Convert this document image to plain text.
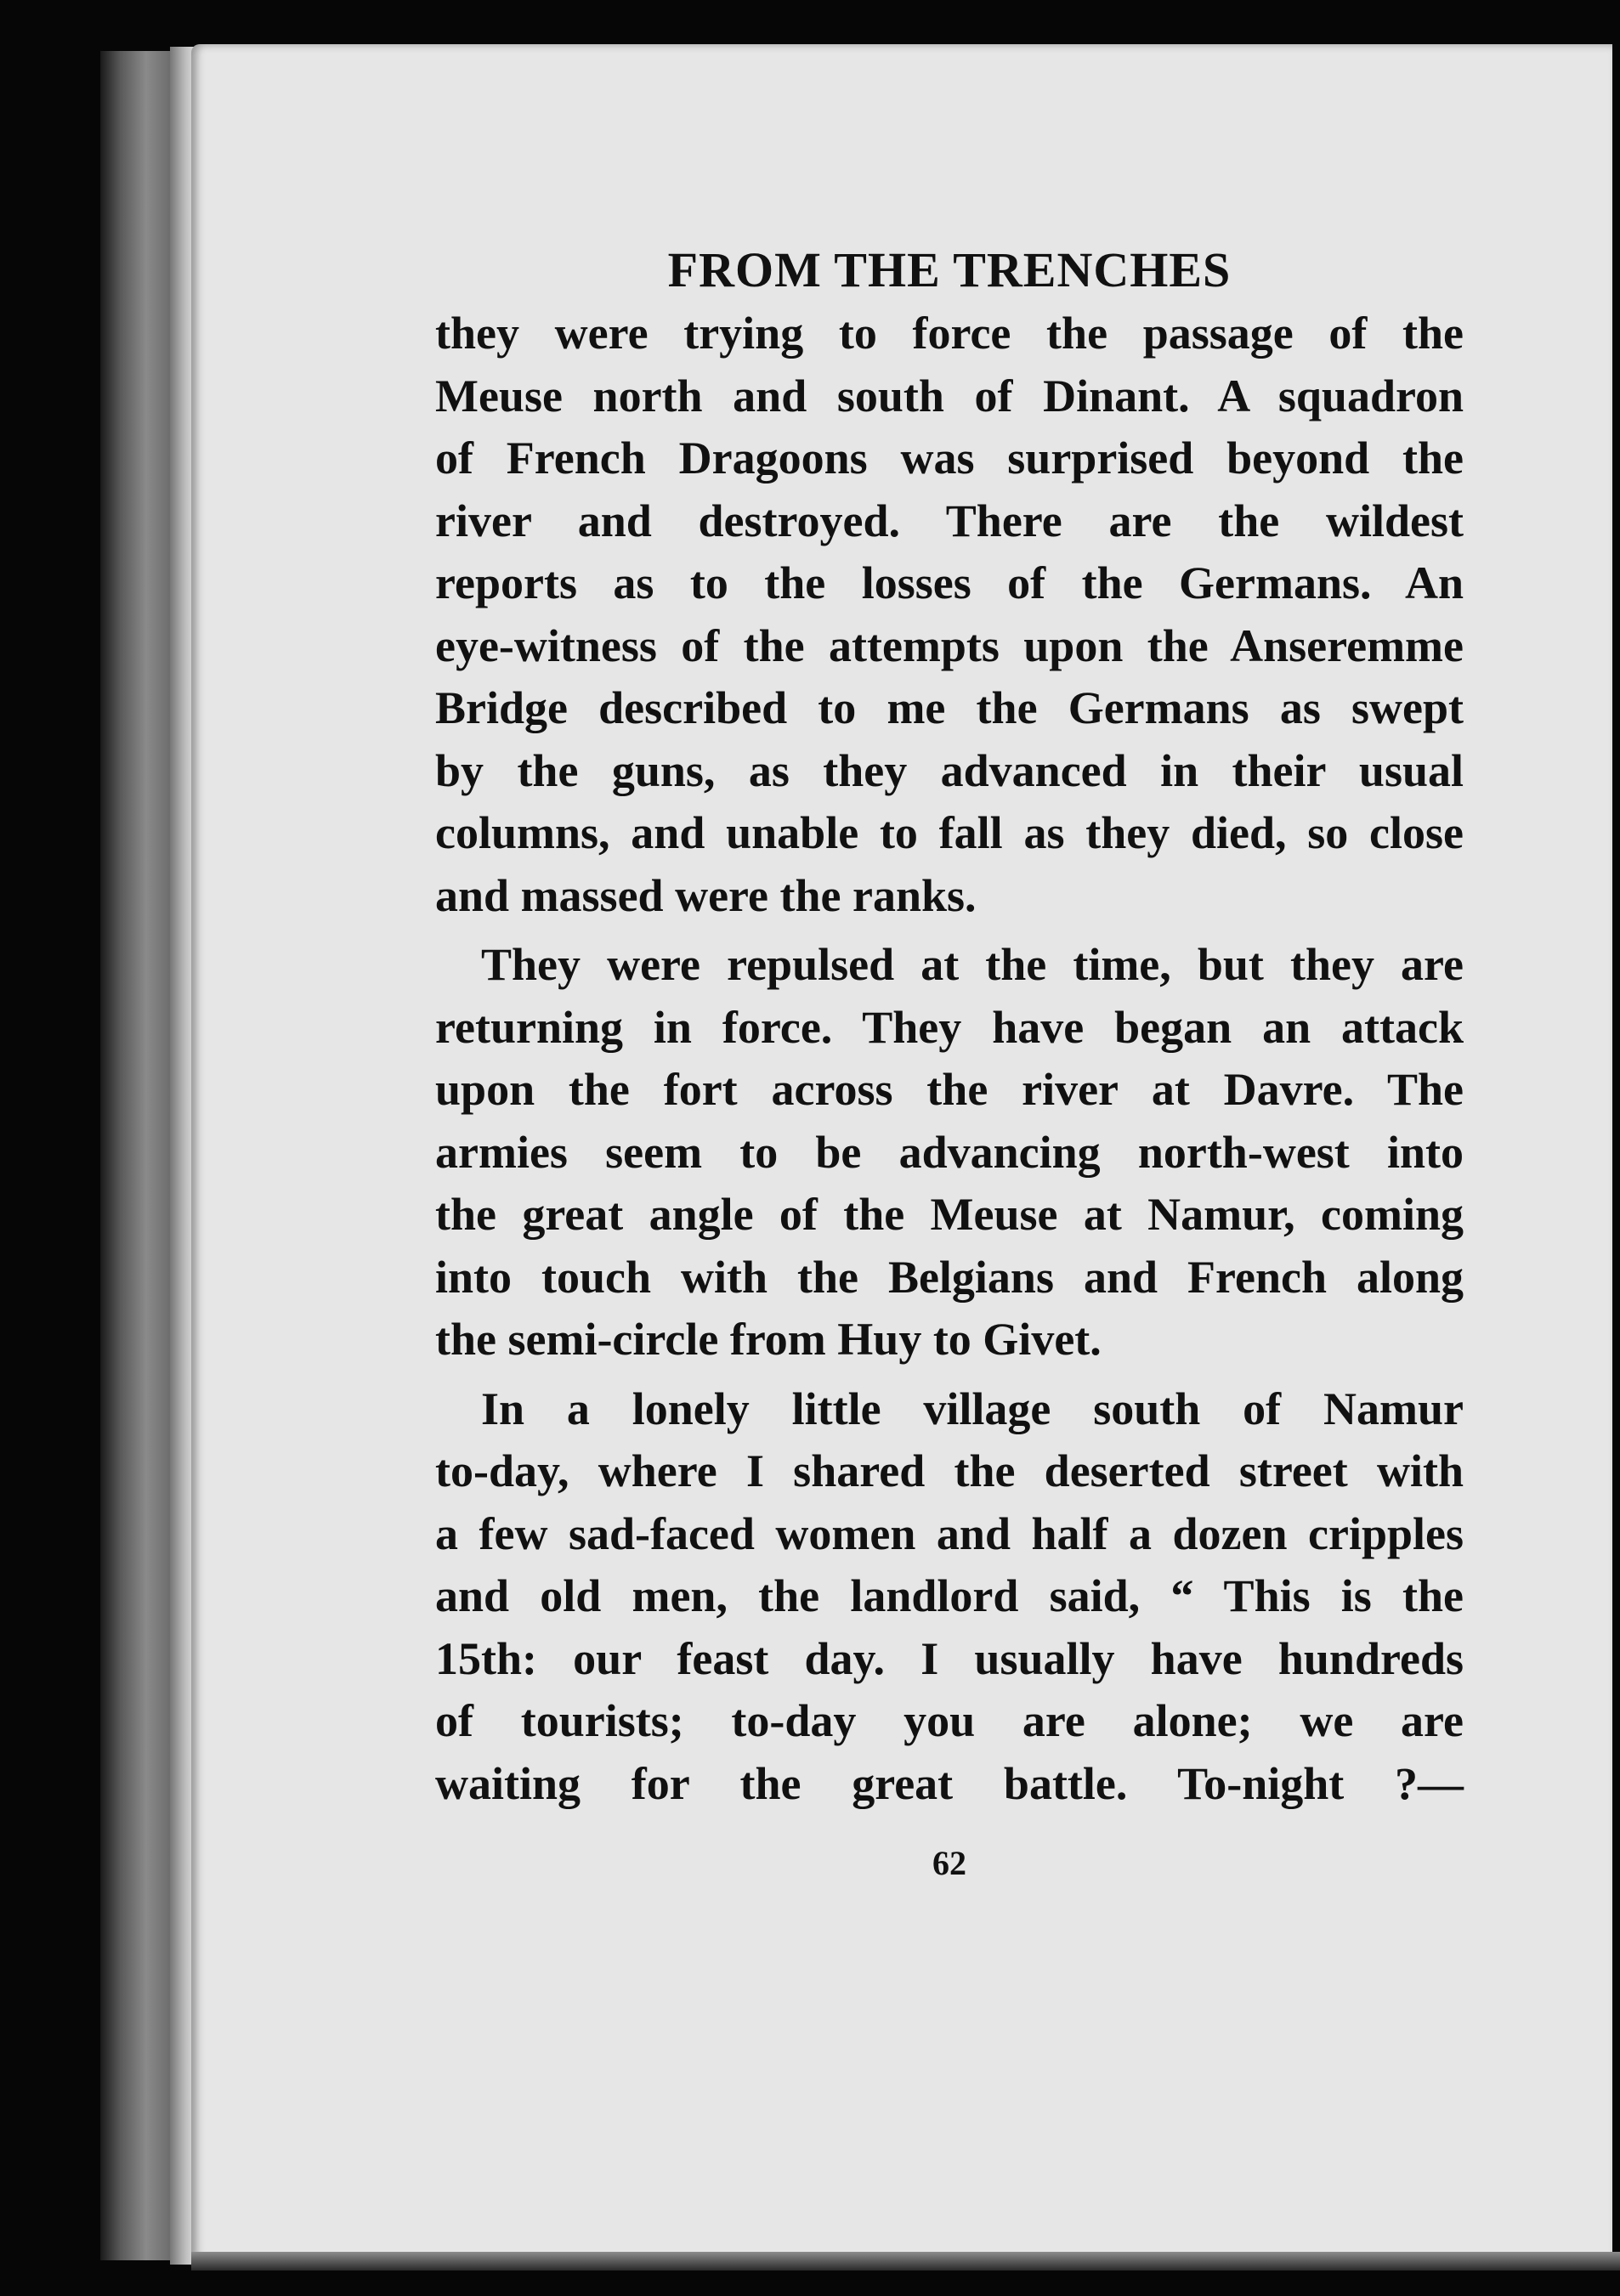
FROM THE TRENCHES

they were trying to force the passage of the
Meuse north and south of Dinant. A squadron
of French Dragoons was surprised beyond the
river and destroyed. There are the wildest
reports as to the losses of the Germans. An
eye-witness of the attempts upon the Anseremme
Bridge described to me the Germans as swept
by the guns, as they advanced in their usual
columns, and unable to fall as they died, so close
and massed were the ranks.

They were repulsed at the time, but they are
returning in force. They have began an attack
upon the fort across the river at Davre. The
armies seem to be advancing north-west into
the great angle of the Meuse at Namur, coming
into touch with the Belgians and French along
the semi-circle from Huy to Givet.

In a lonely little village south of Namur
to-day, where I shared the deserted street with
a few sad-faced women and half a dozen cripples
and old men, the landlord said, “ This is the
15th: our feast day. I usually have hundreds
of tourists; to-day you are alone; we are
waiting for the great battle. To-night ?—

62
